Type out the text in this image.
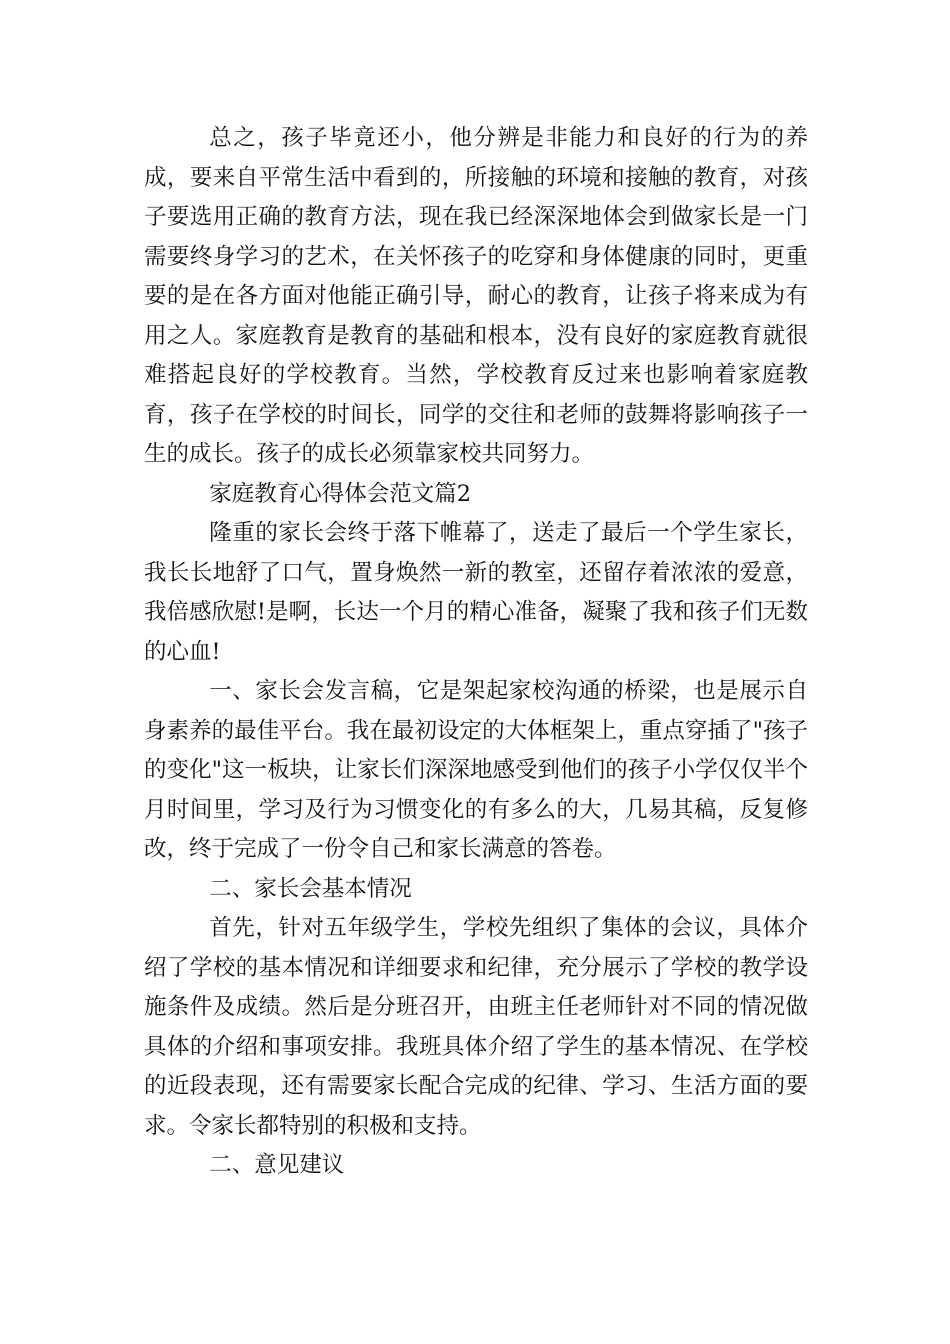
总之，孩子毕竟还小，他分辨是非能力和良好的行为的养成，要来自平常生活中看到的，所接触的环境和接触的教育，对孩子要选用正确的教育方法，现在我已经深深地体会到做家长是一门需要终身学习的艺术，在关怀孩子的吃穿和身体健康的同时，更重要的是在各方面对他能正确引导，耐心的教育，让孩子将来成为有用之人。家庭教育是教育的基础和根本，没有良好的家庭教育就很难搭起良好的学校教育。当然，学校教育反过来也影响着家庭教育，孩子在学校的时间长，同学的交往和老师的鼓舞将影响孩子一生的成长。孩子的成长必须靠家校共同努力。

家庭教育心得体会范文篇2

隆重的家长会终于落下帷幕了，送走了最后一个学生家长，我长长地舒了口气，置身焕然一新的教室，还留存着浓浓的爱意，我倍感欣慰!是啊，长达一个月的精心准备，凝聚了我和孩子们无数的心血!

一、家长会发言稿，它是架起家校沟通的桥梁，也是展示自身素养的最佳平台。我在最初设定的大体框架上，重点穿插了"孩子的变化"这一板块，让家长们深深地感受到他们的孩子小学仅仅半个月时间里，学习及行为习惯变化的有多么的大，几易其稿，反复修改，终于完成了一份令自己和家长满意的答卷。

二、家长会基本情况

首先，针对五年级学生，学校先组织了集体的会议，具体介绍了学校的基本情况和详细要求和纪律，充分展示了学校的教学设施条件及成绩。然后是分班召开，由班主任老师针对不同的情况做具体的介绍和事项安排。我班具体介绍了学生的基本情况、在学校的近段表现，还有需要家长配合完成的纪律、学习、生活方面的要求。令家长都特别的积极和支持。

二、意见建议
